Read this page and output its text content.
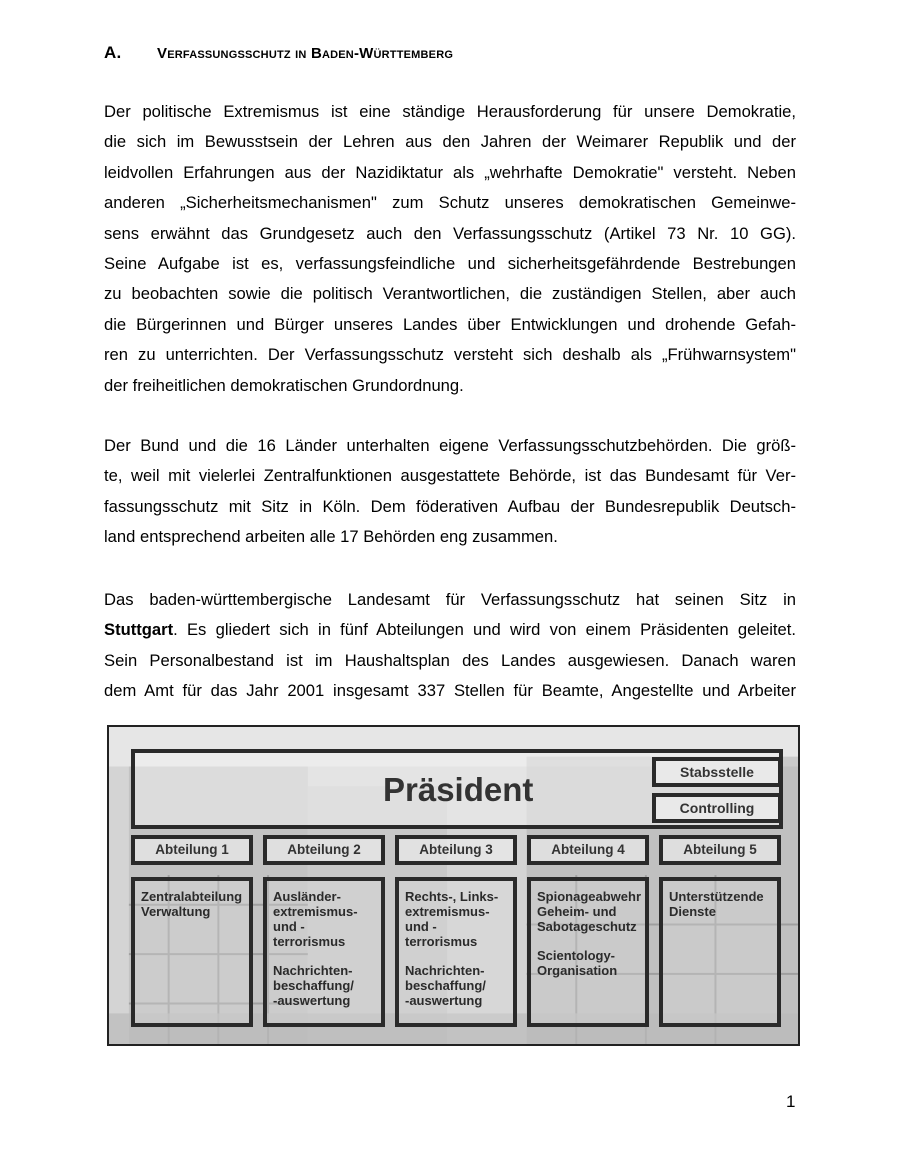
A. Verfassungsschutz in Baden-Württemberg
Der politische Extremismus ist eine ständige Herausforderung für unsere Demokratie,
die sich im Bewusstsein der Lehren aus den Jahren der Weimarer Republik und der
leidvollen Erfahrungen aus der Nazidiktatur als „wehrhafte Demokratie" versteht. Neben
anderen „Sicherheitsmechanismen" zum Schutz unseres demokratischen Gemeinwe-
sens erwähnt das Grundgesetz auch den Verfassungsschutz (Artikel 73 Nr. 10 GG).
Seine Aufgabe ist es, verfassungsfeindliche und sicherheitsgefährdende Bestrebungen
zu beobachten sowie die politisch Verantwortlichen, die zuständigen Stellen, aber auch
die Bürgerinnen und Bürger unseres Landes über Entwicklungen und drohende Gefah-
ren zu unterrichten. Der Verfassungsschutz versteht sich deshalb als „Frühwarnsystem"
der freiheitlichen demokratischen Grundordnung.
Der Bund und die 16 Länder unterhalten eigene Verfassungsschutzbehörden. Die größ-
te, weil mit vielerlei Zentralfunktionen ausgestattete Behörde, ist das Bundesamt für Ver-
fassungsschutz mit Sitz in Köln. Dem föderativen Aufbau der Bundesrepublik Deutsch-
land entsprechend arbeiten alle 17 Behörden eng zusammen.
Das baden-württembergische Landesamt für Verfassungsschutz hat seinen Sitz in
Stuttgart. Es gliedert sich in fünf Abteilungen und wird von einem Präsidenten geleitet.
Sein Personalbestand ist im Haushaltsplan des Landes ausgewiesen. Danach waren
dem Amt für das Jahr 2001 insgesamt 337 Stellen für Beamte, Angestellte und Arbeiter
Präsident	Stabsstelle
Controlling
Abteilung 1	Abteilung 2	Abteilung 3	Abteilung 4	Abteilung 5
Zentralabteilung
Verwaltung
Ausländer-
extremismus-
und -terrorismus
Nachrichten-
beschaffung/
-auswertung
Rechts-, Links-
extremismus-
und -terrorismus
Nachrichten-
beschaffung/
-auswertung
Spionageabwehr
Geheim- und
Sabotageschutz
Scientology-
Organisation
Unterstützende
Dienste
1
